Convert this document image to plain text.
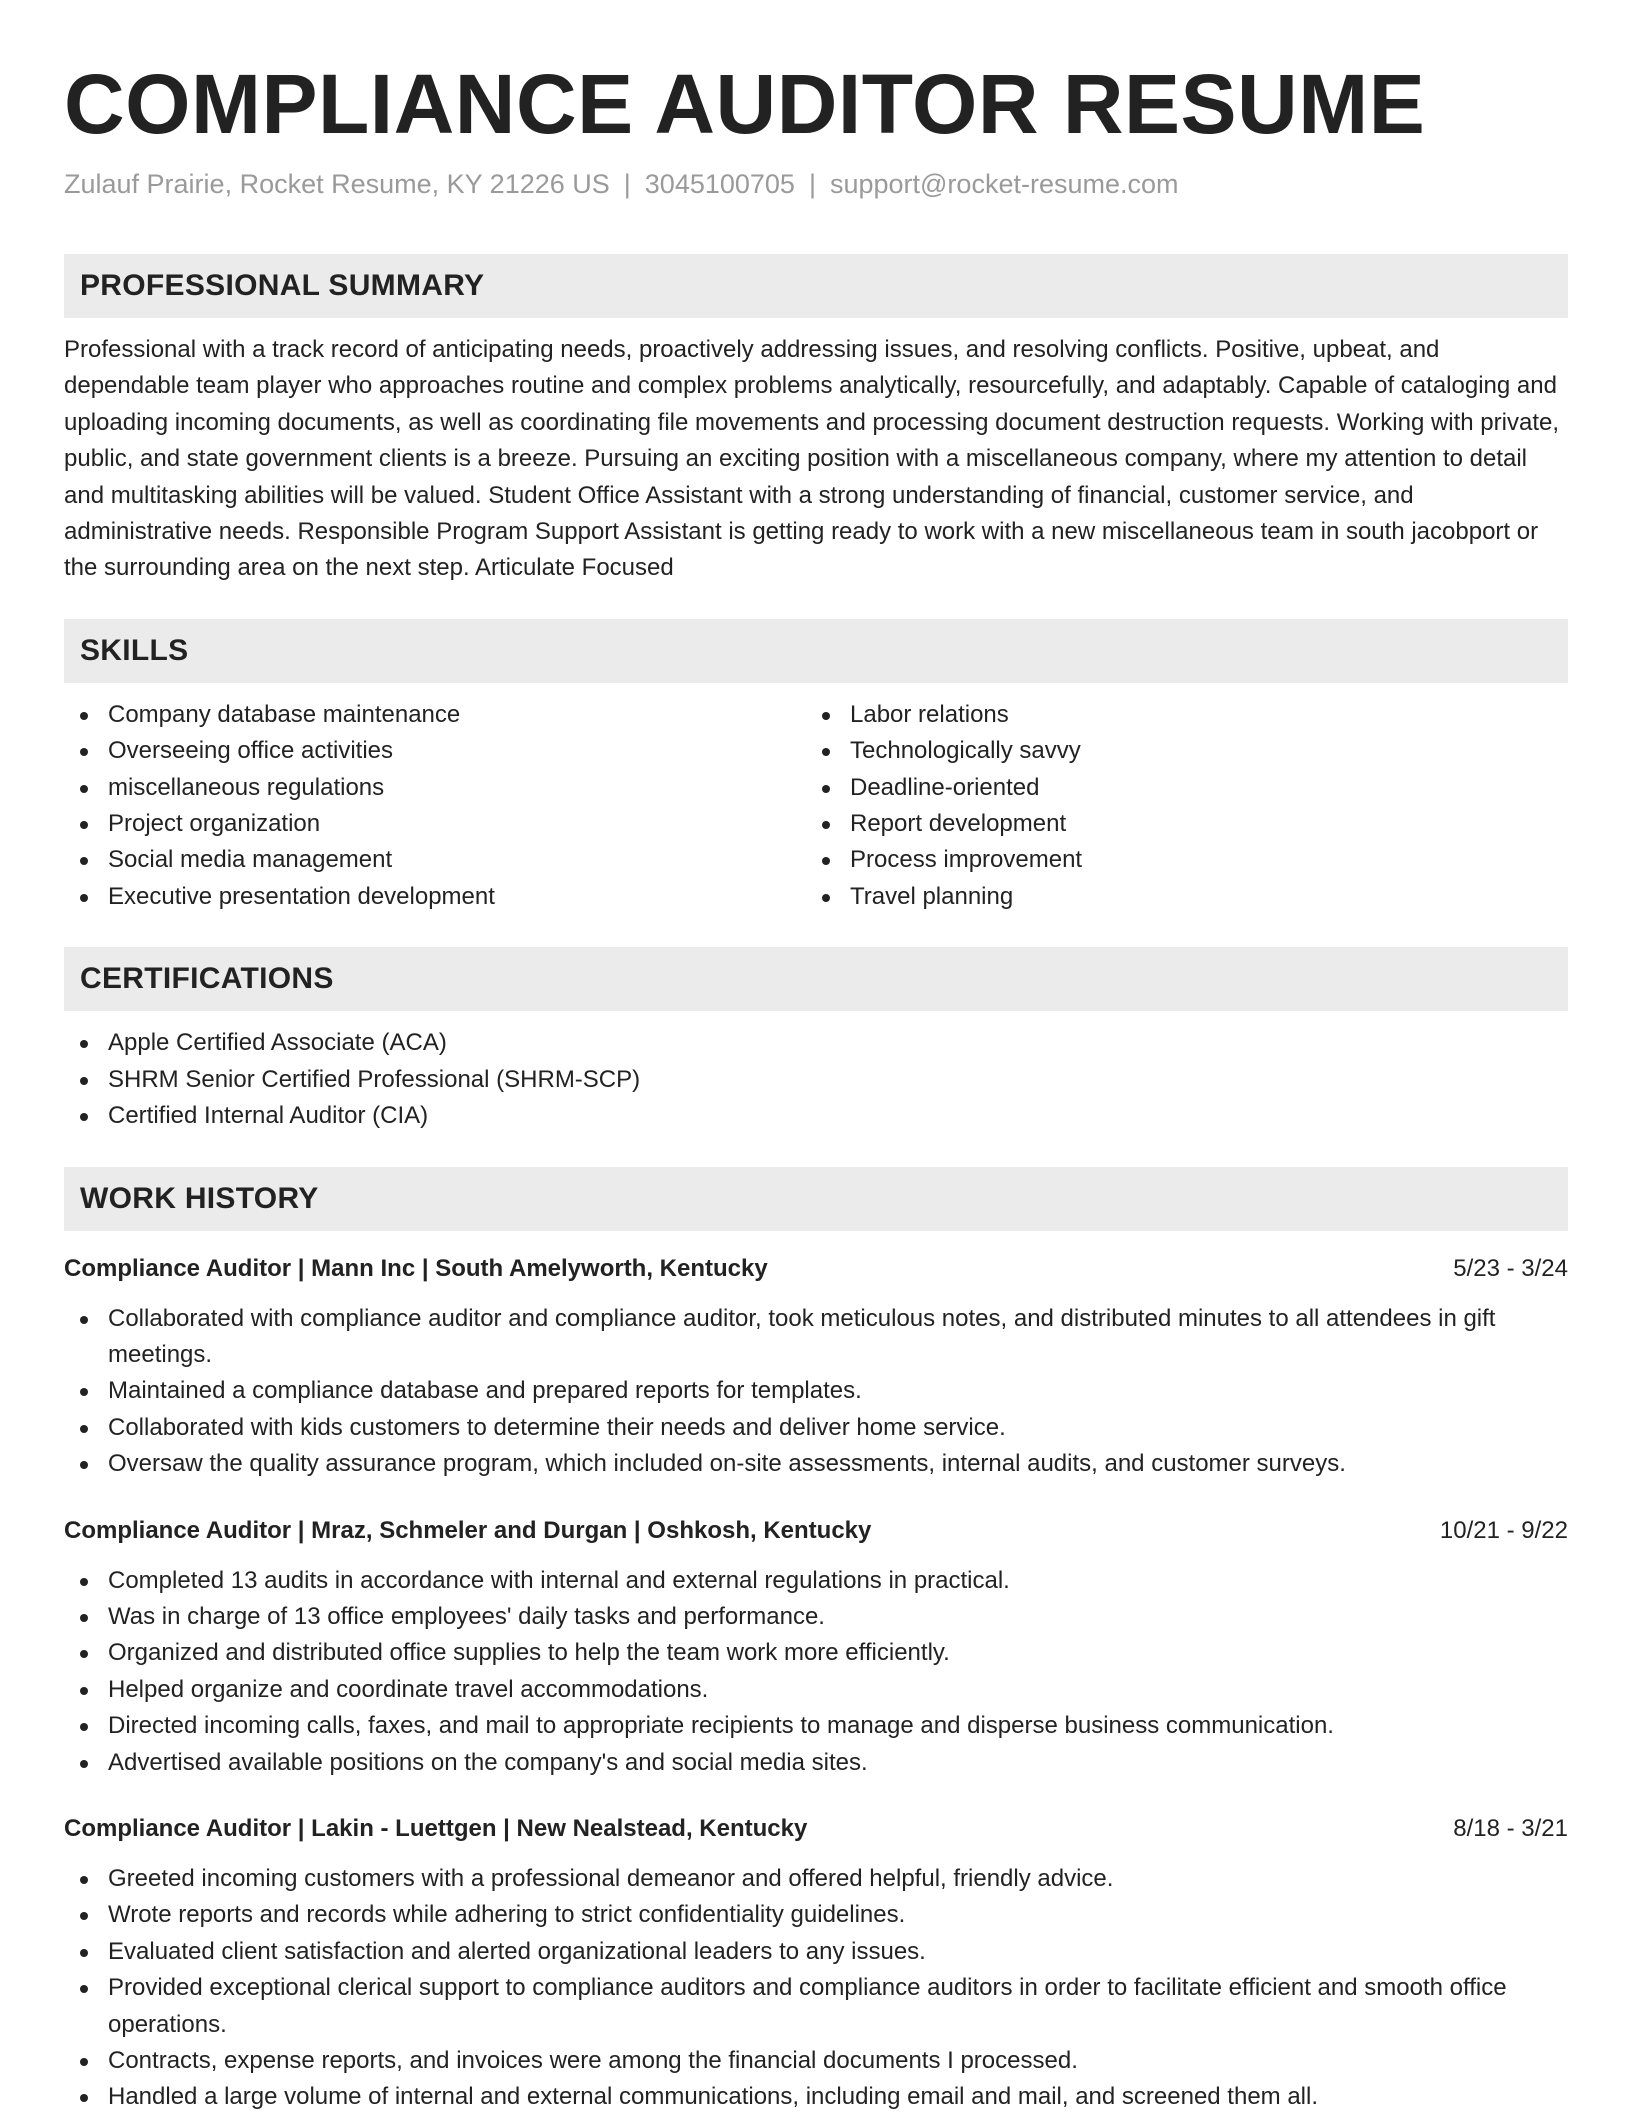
COMPLIANCE AUDITOR RESUME
Zulauf Prairie, Rocket Resume, KY 21226 US | 3045100705 | support@rocket-resume.com
PROFESSIONAL SUMMARY

Professional with a track record of anticipating needs, proactively addressing issues, and resolving conflicts. Positive, upbeat, and dependable team player who approaches routine and complex problems analytically, resourcefully, and adaptably. Capable of cataloging and uploading incoming documents, as well as coordinating file movements and processing document destruction requests. Working with private, public, and state government clients is a breeze. Pursuing an exciting position with a miscellaneous company, where my attention to detail and multitasking abilities will be valued. Student Office Assistant with a strong understanding of financial, customer service, and administrative needs. Responsible Program Support Assistant is getting ready to work with a new miscellaneous team in south jacobport or the surrounding area on the next step. Articulate Focused

SKILLS
Company database maintenance
Overseeing office activities
miscellaneous regulations
Project organization
Social media management
Executive presentation development
Labor relations
Technologically savvy
Deadline-oriented
Report development
Process improvement
Travel planning
CERTIFICATIONS
Apple Certified Associate (ACA)
SHRM Senior Certified Professional (SHRM-SCP)
Certified Internal Auditor (CIA)
WORK HISTORY
Compliance Auditor | Mann Inc | South Amelyworth, Kentucky	5/23 - 3/24
Collaborated with compliance auditor and compliance auditor, took meticulous notes, and distributed minutes to all attendees in gift meetings.
Maintained a compliance database and prepared reports for templates.
Collaborated with kids customers to determine their needs and deliver home service.
Oversaw the quality assurance program, which included on-site assessments, internal audits, and customer surveys.
Compliance Auditor | Mraz, Schmeler and Durgan | Oshkosh, Kentucky	10/21 - 9/22
Completed 13 audits in accordance with internal and external regulations in practical.
Was in charge of 13 office employees' daily tasks and performance.
Organized and distributed office supplies to help the team work more efficiently.
Helped organize and coordinate travel accommodations.
Directed incoming calls, faxes, and mail to appropriate recipients to manage and disperse business communication.
Advertised available positions on the company's and social media sites.
Compliance Auditor | Lakin - Luettgen | New Nealstead, Kentucky	8/18 - 3/21
Greeted incoming customers with a professional demeanor and offered helpful, friendly advice.
Wrote reports and records while adhering to strict confidentiality guidelines.
Evaluated client satisfaction and alerted organizational leaders to any issues.
Provided exceptional clerical support to compliance auditors and compliance auditors in order to facilitate efficient and smooth office operations.
Contracts, expense reports, and invoices were among the financial documents I processed.
Handled a large volume of internal and external communications, including email and mail, and screened them all.
